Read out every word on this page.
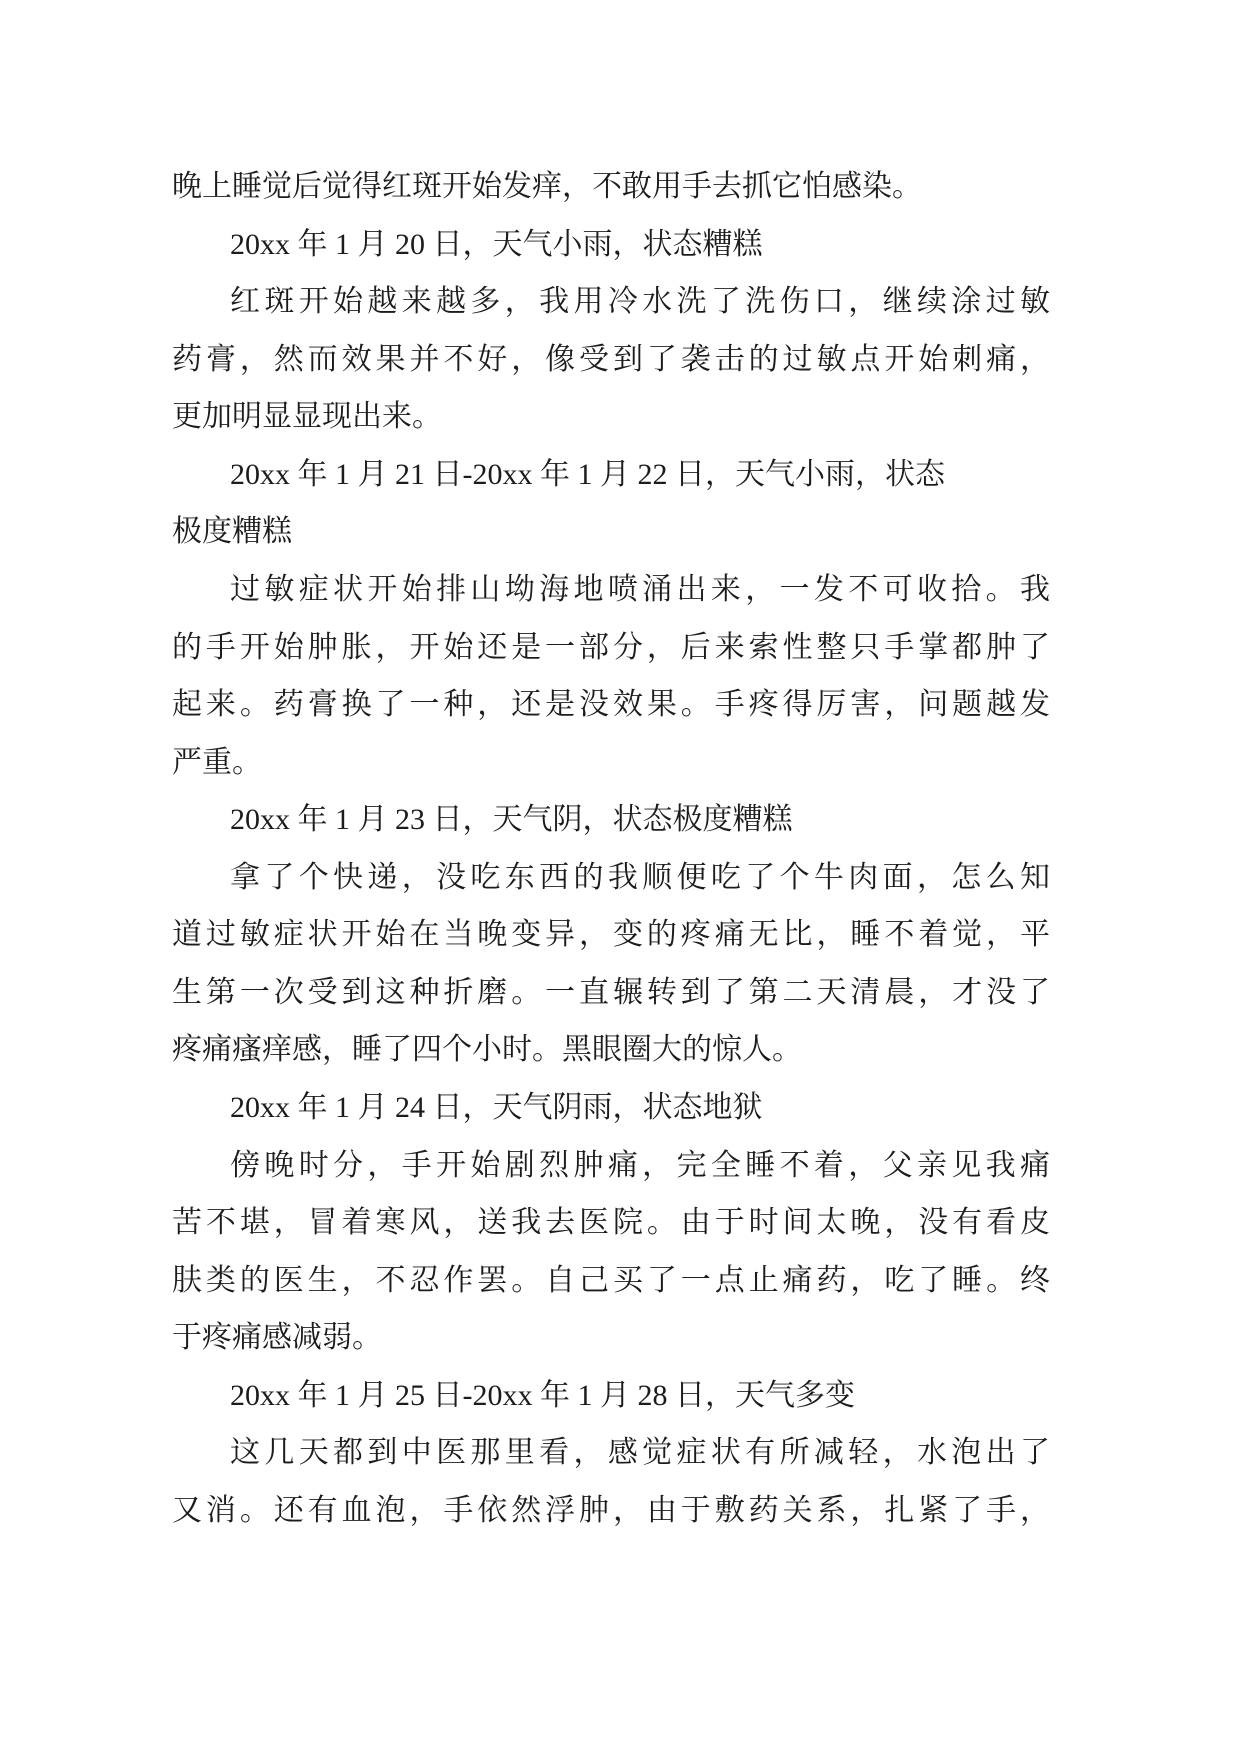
晚上睡觉后觉得红斑开始发痒，不敢用手去抓它怕感染。
20xx 年 1 月 20 日，天气小雨，状态糟糕
红斑开始越来越多，我用冷水洗了洗伤口，继续涂过敏
药膏，然而效果并不好，像受到了袭击的过敏点开始刺痛，
更加明显显现出来。
20xx 年 1 月 21 日-20xx 年 1 月 22 日，天气小雨，状态
极度糟糕
过敏症状开始排山坳海地喷涌出来，一发不可收拾。我
的手开始肿胀，开始还是一部分，后来索性整只手掌都肿了
起来。药膏换了一种，还是没效果。手疼得厉害，问题越发
严重。
20xx 年 1 月 23 日，天气阴，状态极度糟糕
拿了个快递，没吃东西的我顺便吃了个牛肉面，怎么知
道过敏症状开始在当晚变异，变的疼痛无比，睡不着觉，平
生第一次受到这种折磨。一直辗转到了第二天清晨，才没了
疼痛瘙痒感，睡了四个小时。黑眼圈大的惊人。
20xx 年 1 月 24 日，天气阴雨，状态地狱
傍晚时分，手开始剧烈肿痛，完全睡不着，父亲见我痛
苦不堪，冒着寒风，送我去医院。由于时间太晚，没有看皮
肤类的医生，不忍作罢。自己买了一点止痛药，吃了睡。终
于疼痛感减弱。
20xx 年 1 月 25 日-20xx 年 1 月 28 日，天气多变
这几天都到中医那里看，感觉症状有所减轻，水泡出了
又消。还有血泡，手依然浮肿，由于敷药关系，扎紧了手，
